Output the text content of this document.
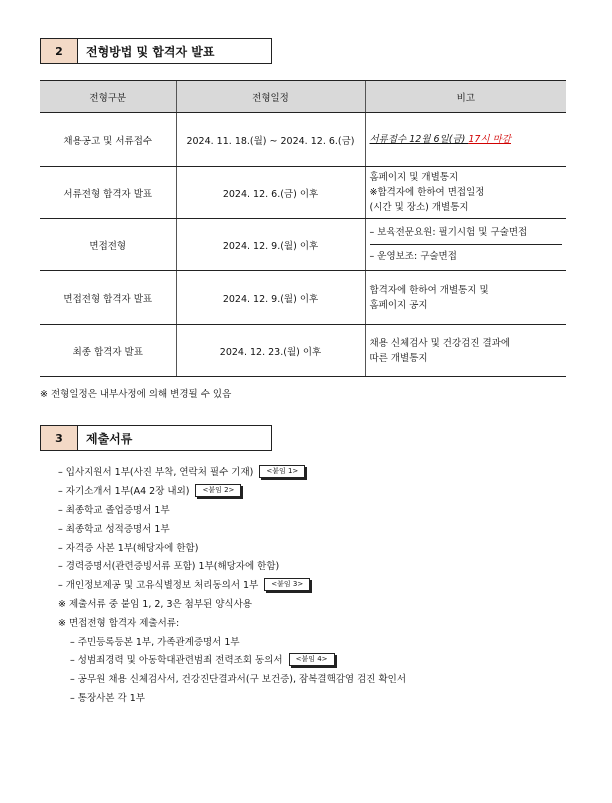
2	전형방법 및 합격자 발표
전형구분	전형일정	비고
채용공고 및 서류접수	2024. 11. 18.(월) ~ 2024. 12. 6.(금)	서류접수 12월 6일(금) 17시 마감
서류전형 합격자 발표	2024. 12. 6.(금) 이후	홈페이지 및 개별통지
※합격자에 한하여 면접일정
(시간 및 장소) 개별통지

면접전형	2024. 12. 9.(월) 이후	– 보육전문요원: 필기시험 및 구술면접
– 운영보조: 구술면접

면접전형 합격자 발표	2024. 12. 9.(월) 이후	합격자에 한하여 개별통지 및
홈페이지 공지

최종 합격자 발표	2024. 12. 23.(월) 이후	채용 신체검사 및 건강검진 결과에
따른 개별통지
※ 전형일정은 내부사정에 의해 변경될 수 있음
3	제출서류
– 입사지원서 1부(사진 부착, 연락처 필수 기재)	<붙임 1>
– 자기소개서 1부(A4 2장 내외)	<붙임 2>
– 최종학교 졸업증명서 1부
– 최종학교 성적증명서 1부
– 자격증 사본 1부(해당자에 한함)
– 경력증명서(관련증빙서류 포함) 1부(해당자에 한함)
– 개인정보제공 및 고유식별정보 처리동의서 1부	<붙임 3>
※ 제출서류 중 붙임 1, 2, 3은 첨부된 양식사용
※ 면접전형 합격자 제출서류:
– 주민등록등본 1부, 가족관계증명서 1부
– 성범죄경력 및 아동학대관련범죄 전력조회 동의서	<붙임 4>
– 공무원 채용 신체검사서, 건강진단결과서(구 보건증), 잠복결핵감염 검진 확인서
– 통장사본 각 1부
